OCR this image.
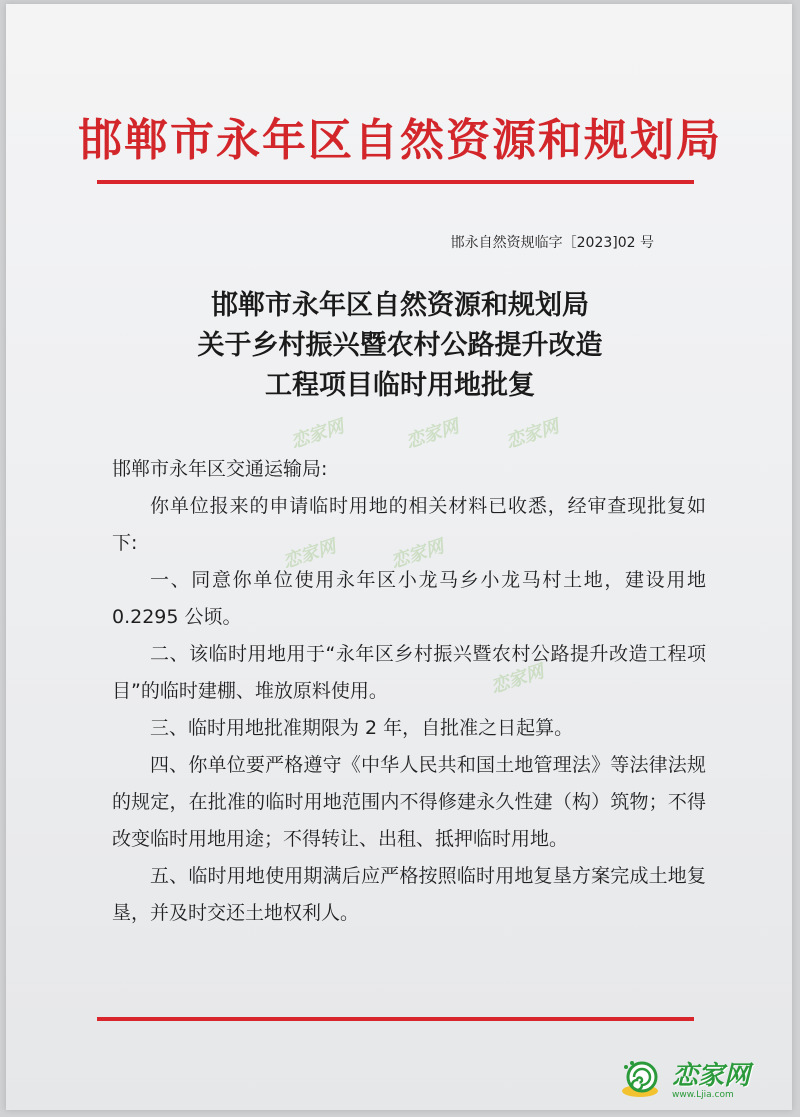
邯郸市永年区自然资源和规划局
邯永自然资规临字［2023]02 号
邯郸市永年区自然资源和规划局
关于乡村振兴暨农村公路提升改造
工程项目临时用地批复
恋家网	恋家网 恋家网
恋家网	恋家网
恋家网

邯郸市永年区交通运输局:

你单位报来的申请临时用地的相关材料已收悉，经审查现批复如下:

一、同意你单位使用永年区小龙马乡小龙马村土地，建设用地 0.2295 公顷。

二、该临时用地用于“永年区乡村振兴暨农村公路提升改造工程项目”的临时建棚、堆放原料使用。

三、临时用地批准期限为 2 年，自批准之日起算。

四、你单位要严格遵守《中华人民共和国土地管理法》等法律法规的规定，在批准的临时用地范围内不得修建永久性建（构）筑物；不得改变临时用地用途；不得转让、出租、抵押临时用地。

五、临时用地使用期满后应严格按照临时用地复垦方案完成土地复垦，并及时交还土地权利人。

恋家网
www.Ljia.com
